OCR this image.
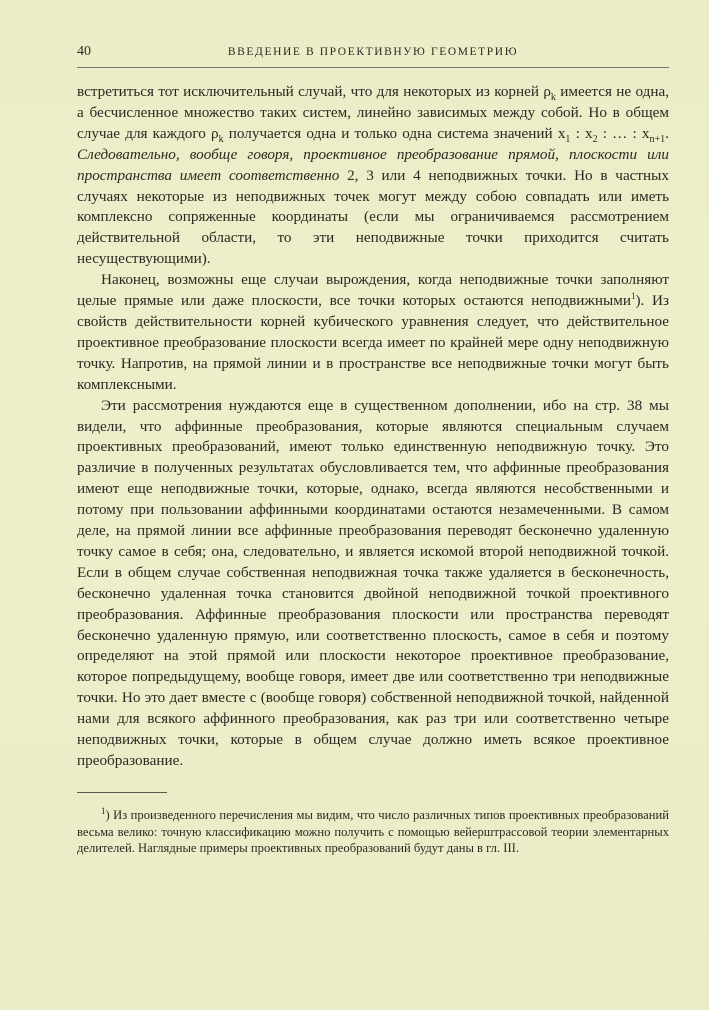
40	ВВЕДЕНИЕ В ПРОЕКТИВНУЮ ГЕОМЕТРИЮ

встретиться тот исключительный случай, что для некоторых из корней $\rho_k$ имеется не одна, а бесчисленное множество таких систем, линейно зависимых между собой. Но в общем случае для каждого $\rho_k$ получается одна и только одна система значений $x_1$ : $x_2$ : … : $x_{n+1}$. Следовательно, вообще говоря, проективное преобразование прямой, плоскости или пространства имеет соответственно 2, 3 или 4 неподвижных точки. Но в частных случаях некоторые из неподвижных точек могут между собою совпадать или иметь комплексно сопряженные координаты (если мы ограничиваемся рассмотрением действительной области, то эти неподвижные точки приходится считать несуществующими).

Наконец, возможны еще случаи вырождения, когда неподвижные точки заполняют целые прямые или даже плоскости, все точки которых остаются неподвижными$^1$). Из свойств действительности корней кубического уравнения следует, что действительное проективное преобразование плоскости всегда имеет по крайней мере одну неподвижную точку. Напротив, на прямой линии и в пространстве все неподвижные точки могут быть комплексными.

Эти рассмотрения нуждаются еще в существенном дополнении, ибо на стр. 38 мы видели, что аффинные преобразования, которые являются специальным случаем проективных преобразований, имеют только единственную неподвижную точку. Это различие в полученных результатах обусловливается тем, что аффинные преобразования имеют еще неподвижные точки, которые, однако, всегда являются несобственными и потому при пользовании аффинными координатами остаются незамеченными. В самом деле, на прямой линии все аффинные преобразования переводят бесконечно удаленную точку самое в себя; она, следовательно, и является искомой второй неподвижной точкой. Если в общем случае собственная неподвижная точка также удаляется в бесконечность, бесконечно удаленная точка становится двойной неподвижной точкой проективного преобразования. Аффинные преобразования плоскости или пространства переводят бесконечно удаленную прямую, или соответственно плоскость, самое в себя и поэтому определяют на этой прямой или плоскости некоторое проективное преобразование, которое попредыдущему, вообще говоря, имеет две или соответственно три неподвижные точки. Но это дает вместе с (вообще говоря) собственной неподвижной точкой, найденной нами для всякого аффинного преобразования, как раз три или соответственно четыре неподвижных точки, которые в общем случае должно иметь всякое проективное преобразование.

$^1$) Из произведенного перечисления мы видим, что число различных типов проективных преобразований весьма велико: точную классификацию можно получить с помощью вейерштрассовой теории элементарных делителей. Наглядные примеры проективных преобразований будут даны в гл. III.
